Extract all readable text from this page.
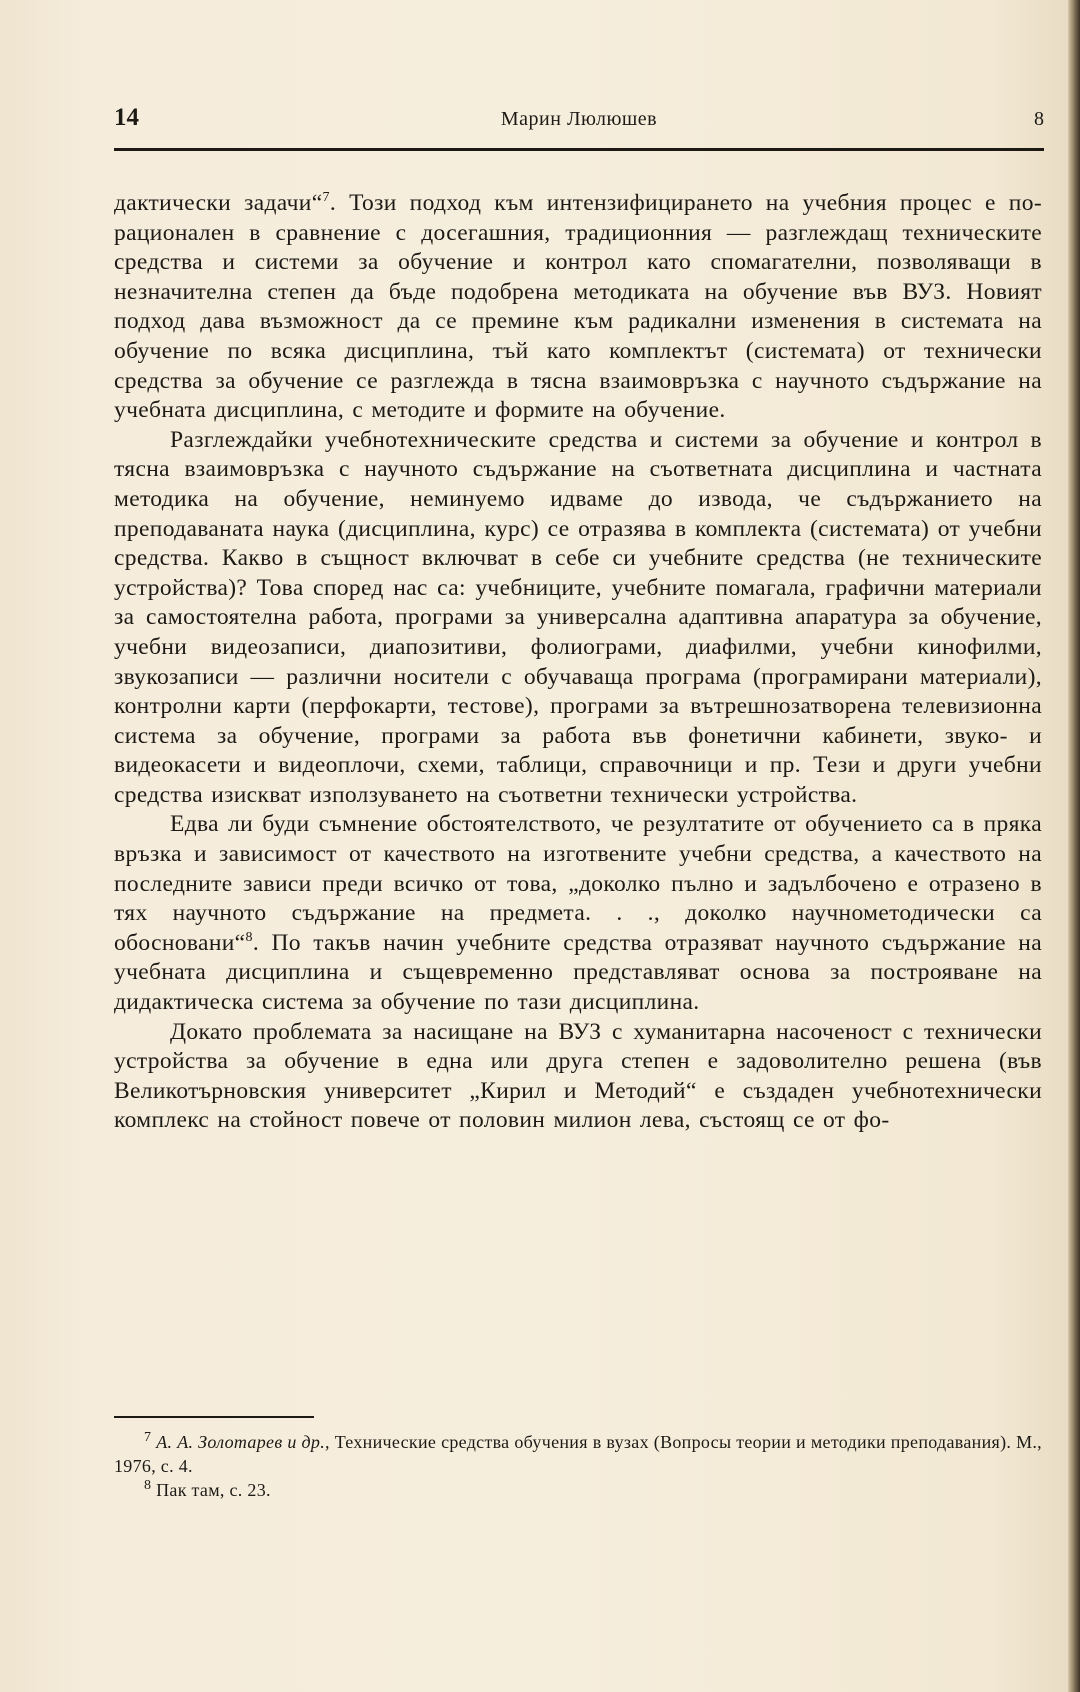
14	Марин Люлюшев	8

дактически задачи“$^7$. Този подход към интензифицирането на учебния процес е по-рационален в сравнение с досегашния, традиционния — разглеждащ техническите средства и системи за обучение и контрол като спомагателни, позволяващи в незначителна степен да бъде подобрена методиката на обучение във ВУЗ. Новият подход дава възможност да се премине към радикални изменения в системата на обучение по всяка дисциплина, тъй като комплектът (системата) от технически средства за обучение се разглежда в тясна взаимовръзка с научното съдържание на учебната дисциплина, с методите и формите на обучение.

Разглеждайки учебнотехническите средства и системи за обучение и контрол в тясна взаимовръзка с научното съдържание на съответната дисциплина и частната методика на обучение, неминуемо идваме до извода, че съдържанието на преподаваната наука (дисциплина, курс) се отразява в комплекта (системата) от учебни средства. Какво в същност включват в себе си учебните средства (не техническите устройства)? Това според нас са: учебниците, учебните помагала, графични материали за самостоятелна работа, програми за универсална адаптивна апаратура за обучение, учебни видеозаписи, диапозитиви, фолиограми, диафилми, учебни кинофилми, звукозаписи — различни носители с обучаваща програма (програмирани материали), контролни карти (перфокарти, тестове), програми за вътрешнозатворена телевизионна система за обучение, програми за работа във фонетични кабинети, звуко- и видеокасети и видеоплочи, схеми, таблици, справочници и пр. Тези и други учебни средства изискват използуването на съответни технически устройства.

Едва ли буди съмнение обстоятелството, че резултатите от обучението са в пряка връзка и зависимост от качеството на изготвените учебни средства, а качеството на последните зависи преди всичко от това, „доколко пълно и задълбочено е отразено в тях научното съдържание на предмета. . ., доколко научнометодически са обосновани“$^8$. По такъв начин учебните средства отразяват научното съдържание на учебната дисциплина и същевременно представляват основа за построяване на дидактическа система за обучение по тази дисциплина.

Докато проблемата за насищане на ВУЗ с хуманитарна насоченост с технически устройства за обучение в една или друга степен е задоволително решена (във Великотърновския университет „Кирил и Методий“ е създаден учебнотехнически комплекс на стойност повече от половин милион лева, състоящ се от фо-

$^7$ А. А. Золотарев и др., Технические средства обучения в вузах (Вопросы теории и методики преподавания). М., 1976, с. 4.

$^8$ Пак там, с. 23.
